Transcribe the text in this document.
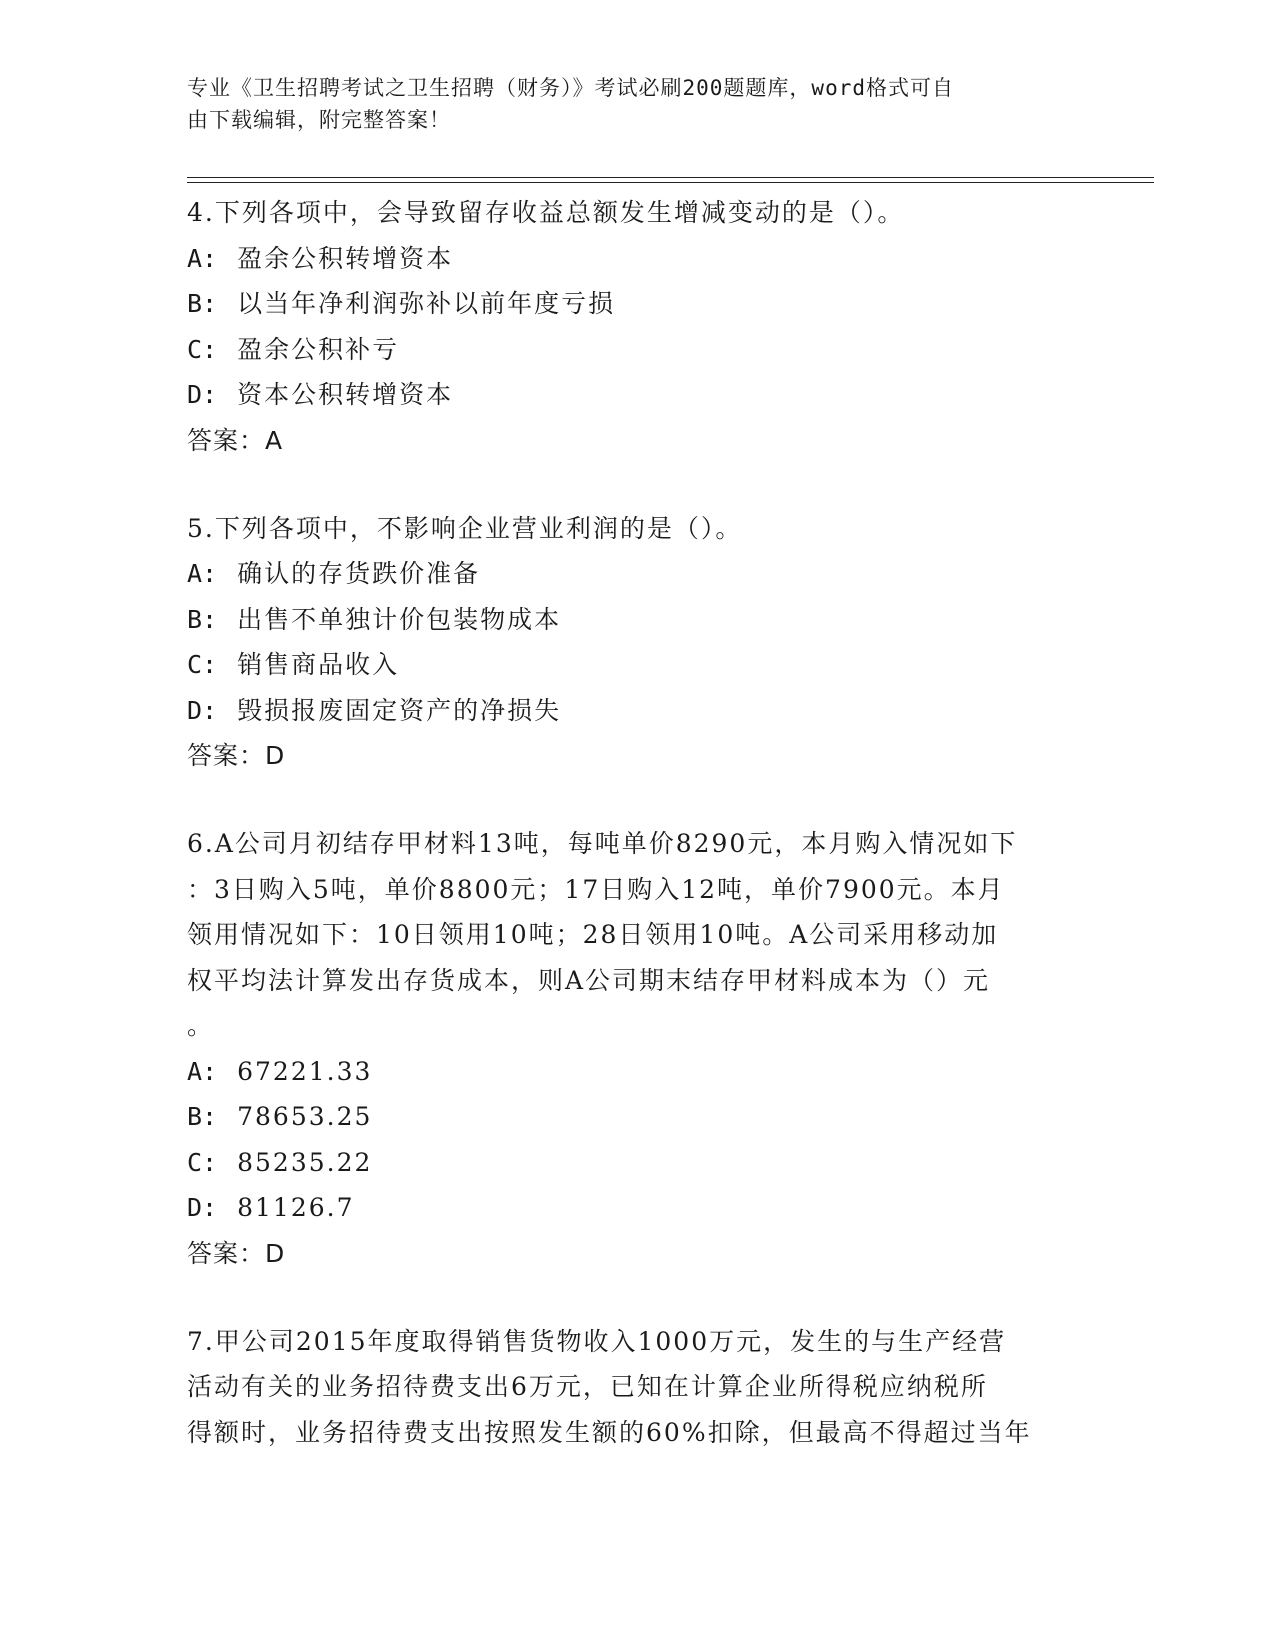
专业《卫生招聘考试之卫生招聘（财务）》考试必刷200题题库，word格式可自
由下载编辑，附完整答案！
4.下列各项中，会导致留存收益总额发生增减变动的是（）。
A: 盈余公积转增资本
B: 以当年净利润弥补以前年度亏损
C: 盈余公积补亏
D: 资本公积转增资本
答案：A
5.下列各项中，不影响企业营业利润的是（）。
A: 确认的存货跌价准备
B: 出售不单独计价包装物成本
C: 销售商品收入
D: 毁损报废固定资产的净损失
答案：D
6.A公司月初结存甲材料13吨，每吨单价8290元，本月购入情况如下
：3日购入5吨，单价8800元；17日购入12吨，单价7900元。本月
领用情况如下：10日领用10吨；28日领用10吨。A公司采用移动加
权平均法计算发出存货成本，则A公司期末结存甲材料成本为（）元
。
A: 67221.33
B: 78653.25
C: 85235.22
D: 81126.7
答案：D
7.甲公司2015年度取得销售货物收入1000万元，发生的与生产经营
活动有关的业务招待费支出6万元，已知在计算企业所得税应纳税所
得额时，业务招待费支出按照发生额的60%扣除，但最高不得超过当年
